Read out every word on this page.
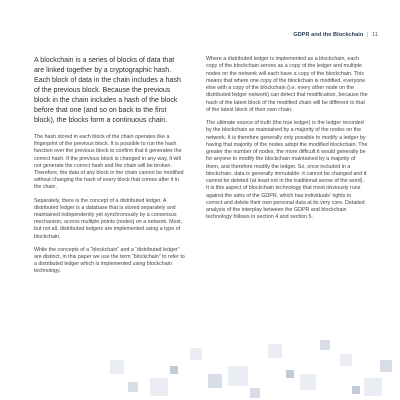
GDPR and the Blockchain | 11

A blockchain is a series of blocks of data that are linked together by a cryptographic hash. Each block of data in the chain includes a hash of the previous block. Because the previous block in the chain includes a hash of the block before that one (and so on back to the first block), the blocks form a continuous chain.

The hash stored in each block of the chain operates like a fingerprint of the previous block. It is possible to run the hash function over the previous block to confirm that it generates the correct hash. If the previous block is changed in any way, it will not generate the correct hash and the chain will be broken. Therefore, the data of any block in the chain cannot be modified without changing the hash of every block that comes after it in the chain.

Separately, there is the concept of a distributed ledger. A distributed ledger is a database that is stored separately and maintained independently yet synchronously by a consensus mechanism, across multiple points (nodes) on a network. Most, but not all, distributed ledgers are implemented using a type of blockchain.

While the concepts of a “blockchain” and a “distributed ledger” are distinct, in this paper we use the term “blockchain” to refer to a distributed ledger which is implemented using blockchain technology.

Where a distributed ledger is implemented as a blockchain, each copy of the blockchain serves as a copy of the ledger and multiple nodes on the network will each have a copy of the blockchain. This means that where one copy of the blockchain is modified, everyone else with a copy of the blockchain (i.e. every other node on the distributed ledger network) can detect that modification, because the hash of the latest block of the modified chain will be different to that of the latest block of their own chain.

The ultimate source of truth (the true ledger) is the ledger recorded by the blockchain as maintained by a majority of the nodes on the network. It is therefore generally only possible to modify a ledger by having that majority of the nodes adopt the modified blockchain. The greater the number of nodes, the more difficult it would generally be for anyone to modify the blockchain maintained by a majority of them, and therefore modify the ledger. So, once included in a blockchain, data is generally immutable: it cannot be changed and it cannot be deleted (at least not in the traditional sense of the word). It is this aspect of blockchain technology that most obviously runs against the aims of the GDPR, which has individuals’ rights to correct and delete their own personal data at its very core. Detailed analysis of the interplay between the GDPR and blockchain technology follows in section 4 and section 5.
